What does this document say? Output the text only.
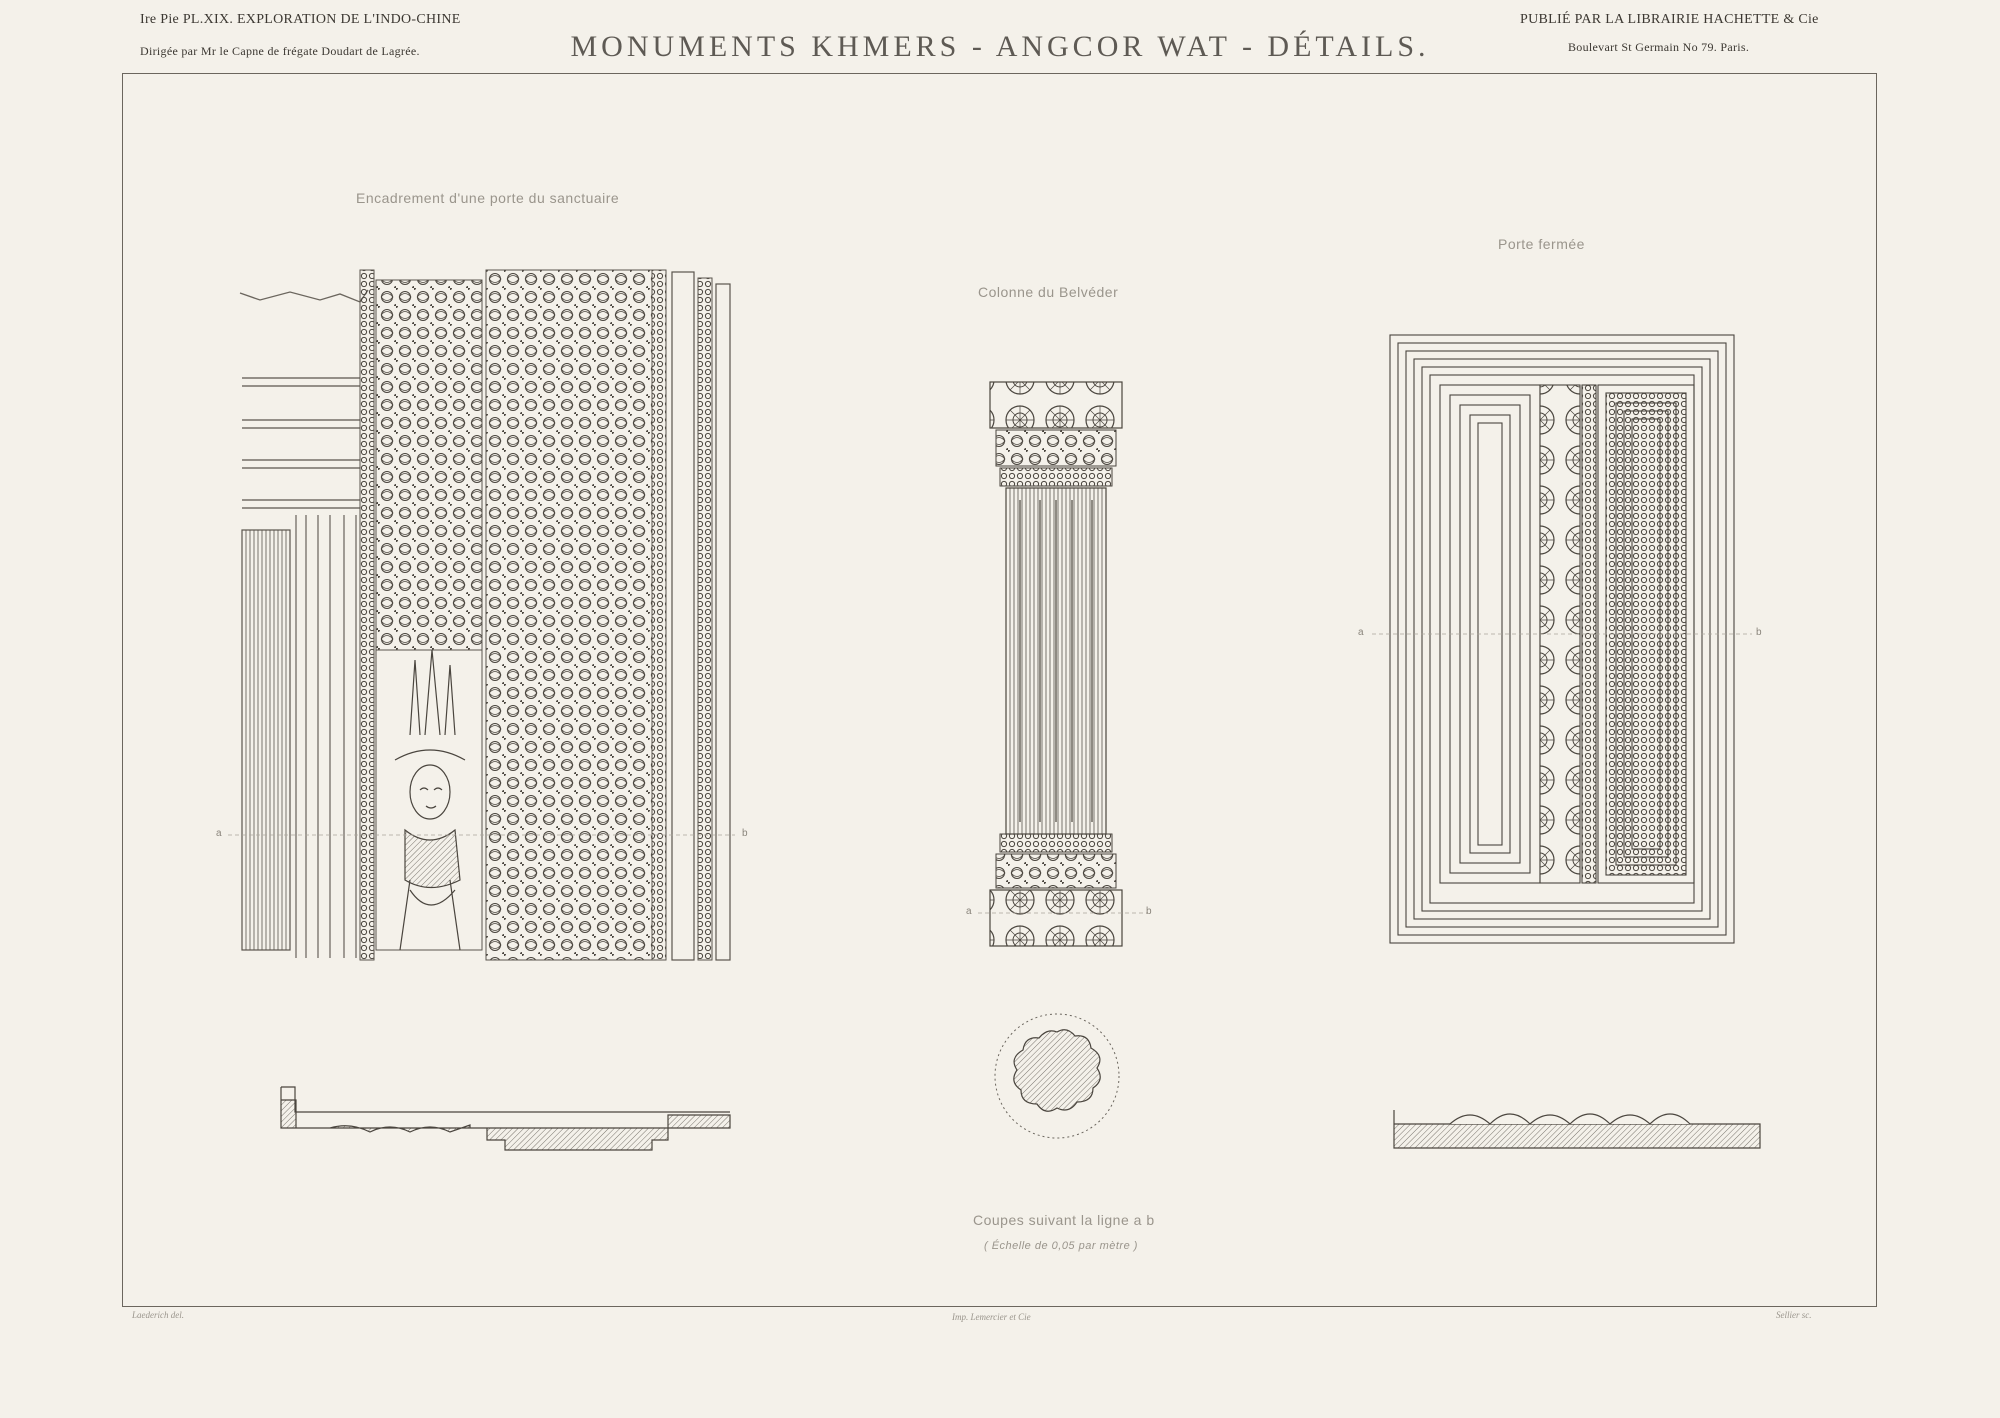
Ire Pie PL.XIX. EXPLORATION DE L'INDO-CHINE
Dirigée par Mr le Capne de frégate Doudart de Lagrée.	MONUMENTS KHMERS - ANGCOR WAT - DÉTAILS.
PUBLIÉ PAR LA LIBRAIRIE HACHETTE & Cie
Boulevart St Germain No 79. Paris.
Encadrement d'une porte du sanctuaire
Colonne du Belvéder
Porte fermée
Coupes suivant la ligne a b
( Échelle de 0,05 par mètre )
a	b
a	b
a	b
Laederich del.	Imp. Lemercier et Cie	Sellier sc.
